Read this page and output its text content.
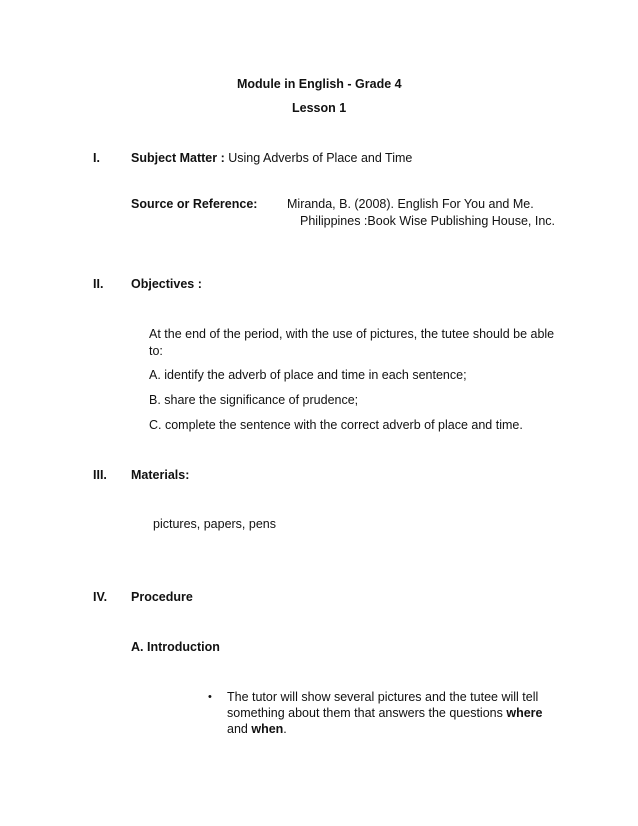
Module in English - Grade 4
Lesson 1
I. Subject Matter : Using Adverbs of Place and Time
Source or Reference: Miranda, B. (2008). English For You and Me.
Philippines :Book Wise Publishing House, Inc.
II. Objectives :
At the end of the period, with the use of pictures, the tutee should be able
to:
A. identify the adverb of place and time in each sentence;
B. share the significance of prudence;
C. complete the sentence with the correct adverb of place and time.
III. Materials:
pictures, papers, pens
IV. Procedure
A. Introduction
• The tutor will show several pictures and the tutee will tell
something about them that answers the questions where
and when.
